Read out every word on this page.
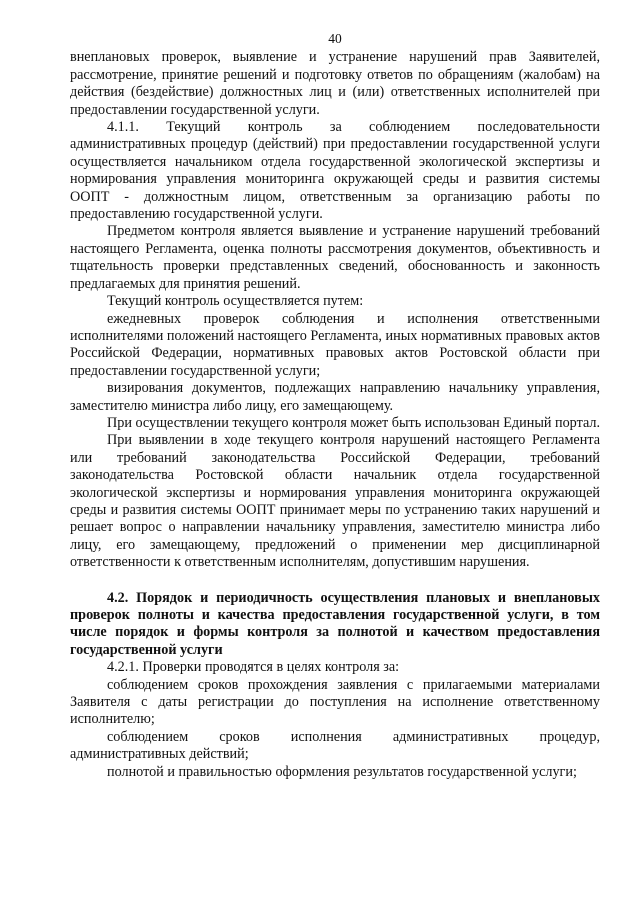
40

внеплановых проверок, выявление и устранение нарушений прав Заявителей, рассмотрение, принятие решений и подготовку ответов по обращениям (жалобам) на действия (бездействие) должностных лиц и (или) ответственных исполнителей при предоставлении государственной услуги.

4.1.1. Текущий контроль за соблюдением последовательности административных процедур (действий) при предоставлении государственной услуги осуществляется начальником отдела государственной экологической экспертизы и нормирования управления мониторинга окружающей среды и развития системы ООПТ - должностным лицом, ответственным за организацию работы по предоставлению государственной услуги.

Предметом контроля является выявление и устранение нарушений требований настоящего Регламента, оценка полноты рассмотрения документов, объективность и тщательность проверки представленных сведений, обоснованность и законность предлагаемых для принятия решений.

Текущий контроль осуществляется путем:

ежедневных проверок соблюдения и исполнения ответственными исполнителями положений настоящего Регламента, иных нормативных правовых актов Российской Федерации, нормативных правовых актов Ростовской области при предоставлении государственной услуги;

визирования документов, подлежащих направлению начальнику управления, заместителю министра либо лицу, его замещающему.

При осуществлении текущего контроля может быть использован Единый портал.

При выявлении в ходе текущего контроля нарушений настоящего Регламента или требований законодательства Российской Федерации, требований законодательства Ростовской области начальник отдела государственной экологической экспертизы и нормирования управления мониторинга окружающей среды и развития системы ООПТ принимает меры по устранению таких нарушений и решает вопрос о направлении начальнику управления, заместителю министра либо лицу, его замещающему, предложений о применении мер дисциплинарной ответственности к ответственным исполнителям, допустившим нарушения.

4.2. Порядок и периодичность осуществления плановых и внеплановых проверок полноты и качества предоставления государственной услуги, в том числе порядок и формы контроля за полнотой и качеством предоставления государственной услуги

4.2.1. Проверки проводятся в целях контроля за:

соблюдением сроков прохождения заявления с прилагаемыми материалами Заявителя с даты регистрации до поступления на исполнение ответственному исполнителю;

соблюдением сроков исполнения административных процедур, административных действий;

полнотой и правильностью оформления результатов государственной услуги;
